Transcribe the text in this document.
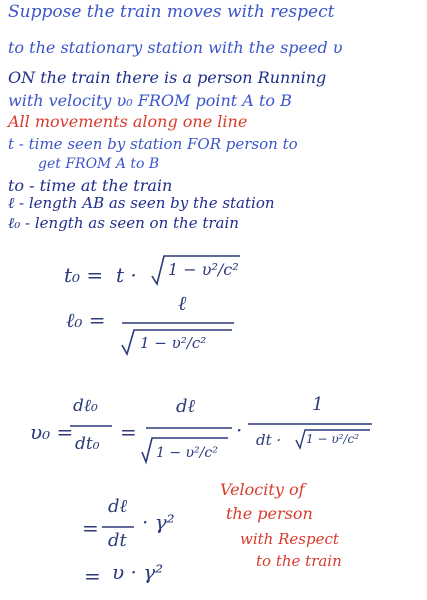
Suppose the train moves with respect
to the stationary station with the speed υ
ON the train there is a person Running
with velocity υ₀ FROM point A to B
All movements along one line
t - time seen by station FOR person to
get FROM A to B
to - time at the train
ℓ - length AB as seen by the station
ℓ₀ - length as seen on the train
t₀ = t · 1 − υ²/c²
ℓ₀ =
ℓ
1 − υ²/c²
υ₀ =
dℓ₀
dt₀ =
dℓ
1 − υ²/c²
·
1
dt · 1 − υ²/c²
=
dℓ
dt
· γ²
= υ · γ²
Velocity of
the person
with Respect
to the train
